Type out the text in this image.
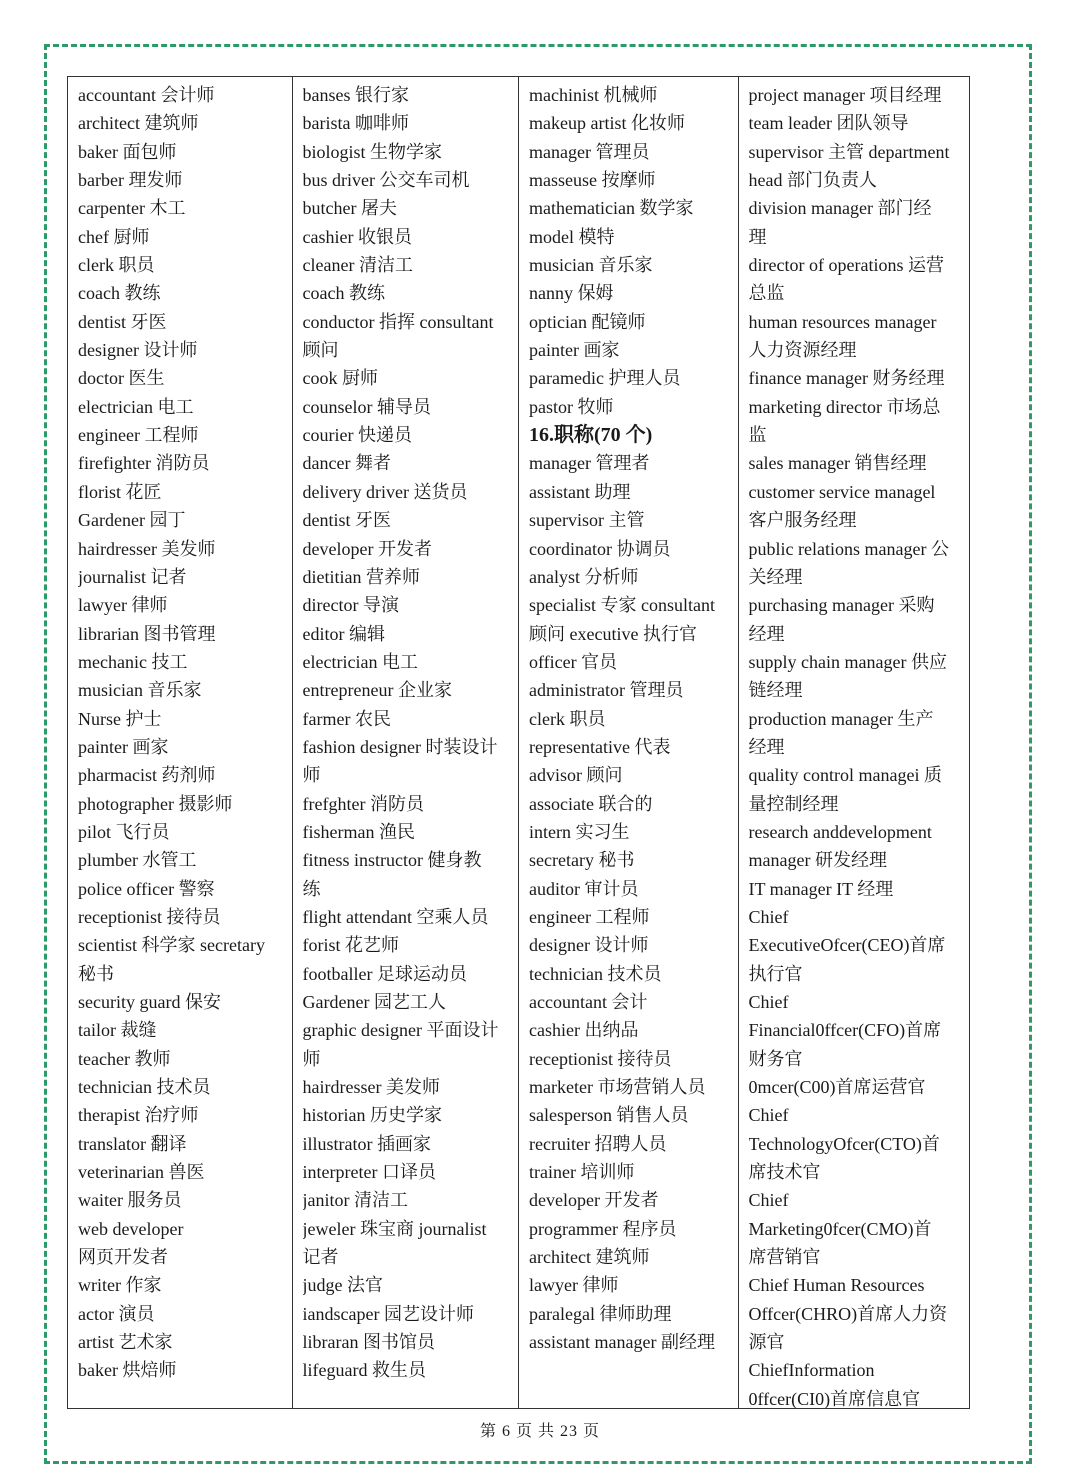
accountant 会计师
architect 建筑师
baker 面包师
barber 理发师
carpenter 木工
chef 厨师
clerk 职员
coach 教练
dentist 牙医
designer 设计师
doctor 医生
electrician 电工
engineer 工程师
firefighter 消防员
florist 花匠
Gardener 园丁
hairdresser 美发师
journalist 记者
lawyer 律师
librarian 图书管理
mechanic 技工
musician 音乐家
Nurse 护士
painter 画家
pharmacist 药剂师
photographer 摄影师
pilot 飞行员
plumber 水管工
police officer 警察
receptionist 接待员
scientist 科学家 secretary
秘书
security guard 保安
tailor 裁缝
teacher 教师
technician 技术员
therapist 治疗师
translator 翻译
veterinarian 兽医
waiter 服务员
web developer
网页开发者
writer 作家
actor 演员
artist 艺术家
baker 烘焙师
banses 银行家
barista 咖啡师
biologist 生物学家
bus driver 公交车司机
butcher 屠夫
cashier 收银员
cleaner 清洁工
coach 教练
conductor 指挥 consultant
顾问
cook 厨师
counselor 辅导员
courier 快递员
dancer 舞者
delivery driver 送货员
dentist 牙医
developer 开发者
dietitian 营养师
director 导演
editor 编辑
electrician 电工
entrepreneur 企业家
farmer 农民
fashion designer 时装设计
师
frefghter 消防员
fisherman 渔民
fitness instructor 健身教
练
flight attendant 空乘人员
forist 花艺师
footballer 足球运动员
Gardener 园艺工人
graphic designer 平面设计
师
hairdresser 美发师
historian 历史学家
illustrator 插画家
interpreter 口译员
janitor 清洁工
jeweler 珠宝商 journalist
记者
judge 法官
iandscaper 园艺设计师
libraran 图书馆员
lifeguard 救生员
machinist 机械师
makeup artist 化妆师
manager 管理员
masseuse 按摩师
mathematician 数学家
model 模特
musician 音乐家
nanny 保姆
optician 配镜师
painter 画家
paramedic 护理人员
pastor 牧师
16.职称(70 个)
manager 管理者
assistant 助理
supervisor 主管
coordinator 协调员
analyst 分析师
specialist 专家 consultant
顾问 executive 执行官
officer 官员
administrator 管理员
clerk 职员
representative 代表
advisor 顾问
associate 联合的
intern 实习生
secretary 秘书
auditor 审计员
engineer 工程师
designer 设计师
technician 技术员
accountant 会计
cashier 出纳品
receptionist 接待员
marketer 市场营销人员
salesperson 销售人员
recruiter 招聘人员
trainer 培训师
developer 开发者
programmer 程序员
architect 建筑师
lawyer 律师
paralegal 律师助理
assistant manager 副经理
project manager 项目经理
team leader 团队领导
supervisor 主管 department
head 部门负责人
division manager 部门经
理
director of operations 运营
总监
human resources manager
人力资源经理
finance manager 财务经理
marketing director 市场总
监
sales manager 销售经理
customer service managel
客户服务经理
public relations manager 公
关经理
purchasing manager 采购
经理
supply chain manager 供应
链经理
production manager 生产
经理
quality control managei 质
量控制经理
research anddevelopment
manager 研发经理
IT manager IT 经理
Chief
ExecutiveOfcer(CEO)首席
执行官
Chief
Financial0ffcer(CFO)首席
财务官
0mcer(C00)首席运营官
Chief
TechnologyOfcer(CTO)首
席技术官
Chief
Marketing0fcer(CMO)首
席营销官
Chief Human Resources
Offcer(CHRO)首席人力资
源官
ChiefInformation
0ffcer(CI0)首席信息官
第 6 页 共 23 页
